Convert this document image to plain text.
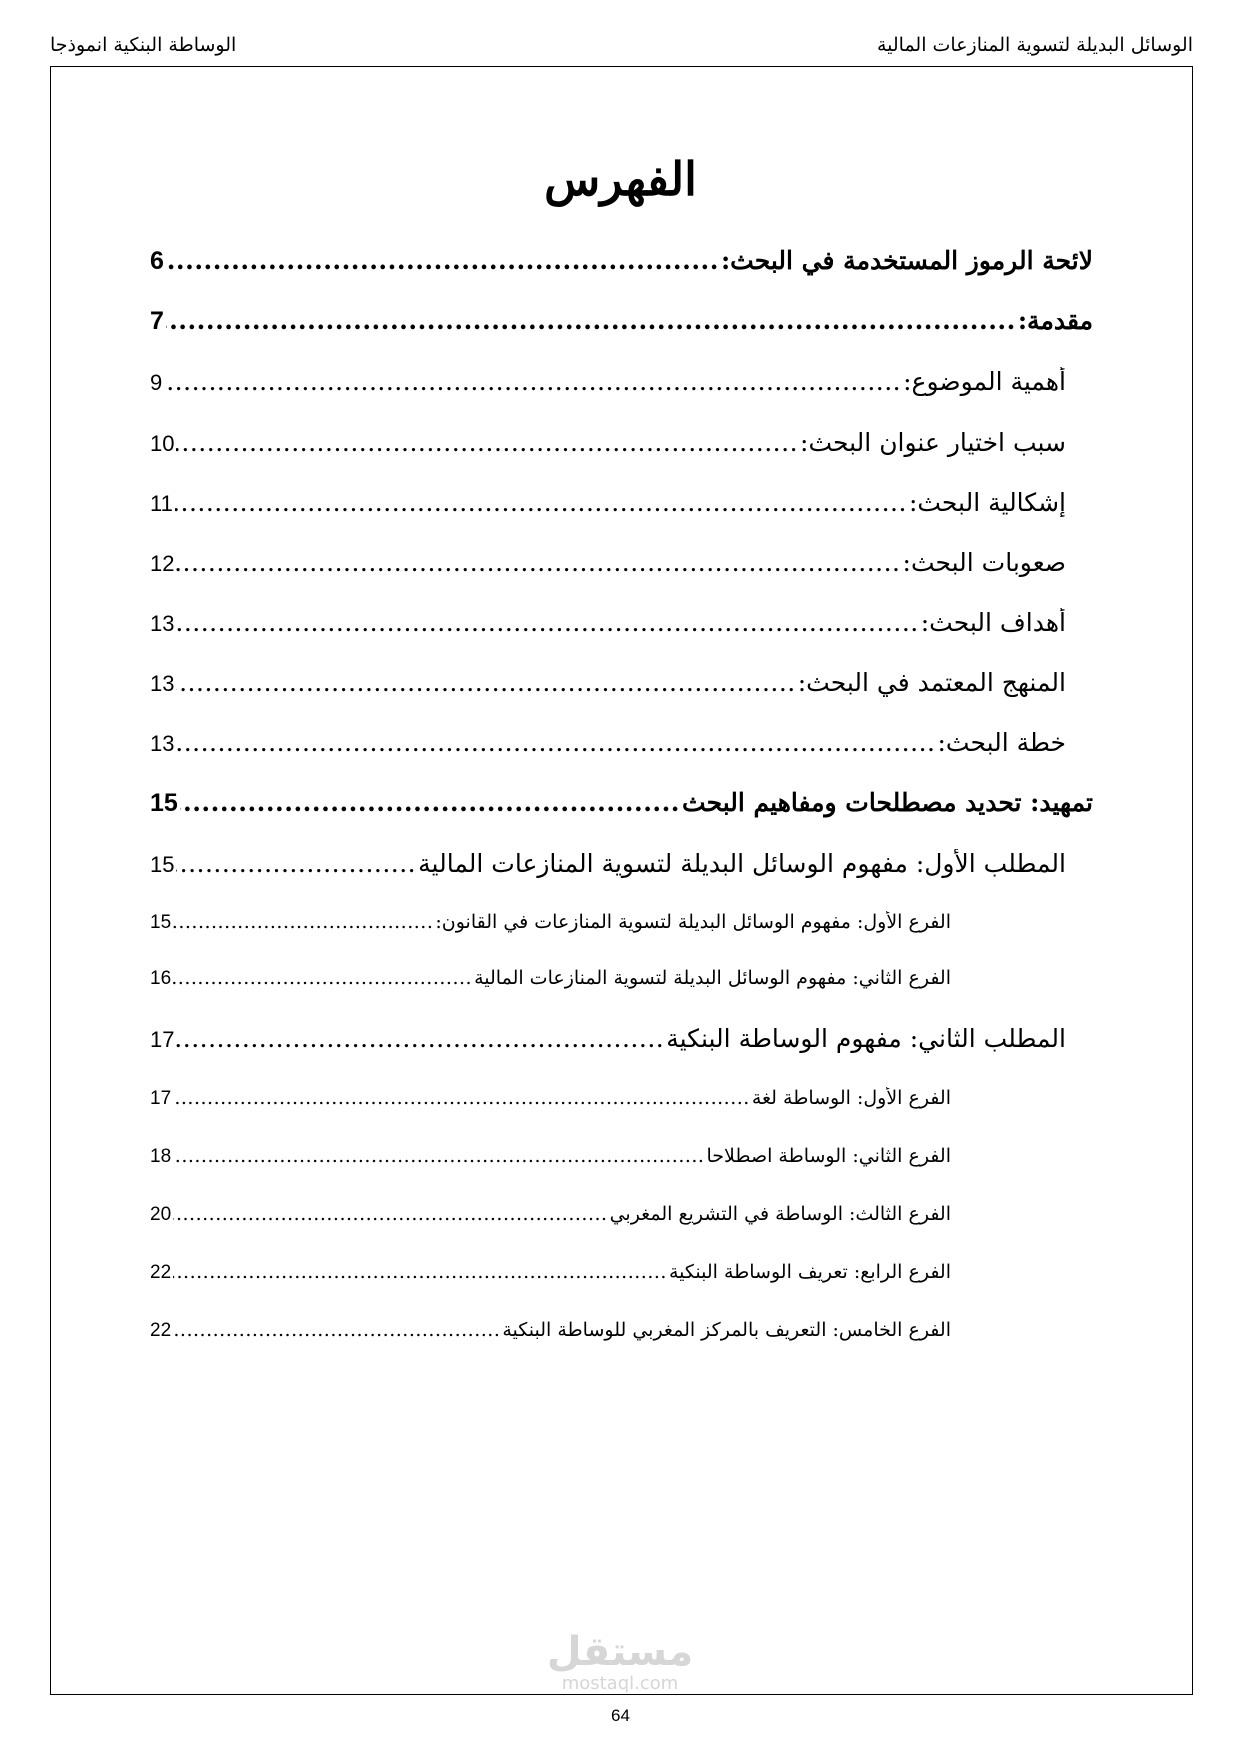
الوسائل البديلة لتسوية المنازعات المالية
الوساطة البنكية انموذجا
الفهرس
لائحة الرموز المستخدمة في البحث:
.....
6
مقدمة:
.....
7
أهمية الموضوع:
.....
9
سبب اختيار عنوان البحث:
.....
10
إشكالية البحث:
.....
11
صعوبات البحث:
.....
12
أهداف البحث:
.....
13
المنهج المعتمد في البحث:
.....
13
خطة البحث:
.....
13
تمهيد: تحديد مصطلحات ومفاهيم البحث
.....
15
المطلب الأول: مفهوم الوسائل البديلة لتسوية المنازعات المالية
.....
15
الفرع الأول: مفهوم الوسائل البديلة لتسوية المنازعات في القانون:
.....
15
الفرع الثاني: مفهوم الوسائل البديلة لتسوية المنازعات المالية
.....
16
المطلب الثاني: مفهوم الوساطة البنكية
.....
17
الفرع الأول: الوساطة لغة
.....
17
الفرع الثاني: الوساطة اصطلاحا
.....
18
الفرع الثالث: الوساطة في التشريع المغربي
.....
20
الفرع الرابع: تعريف الوساطة البنكية
.....
22
الفرع الخامس: التعريف بالمركز المغربي للوساطة البنكية
.....
22
مستقل
mostaql.com
64
